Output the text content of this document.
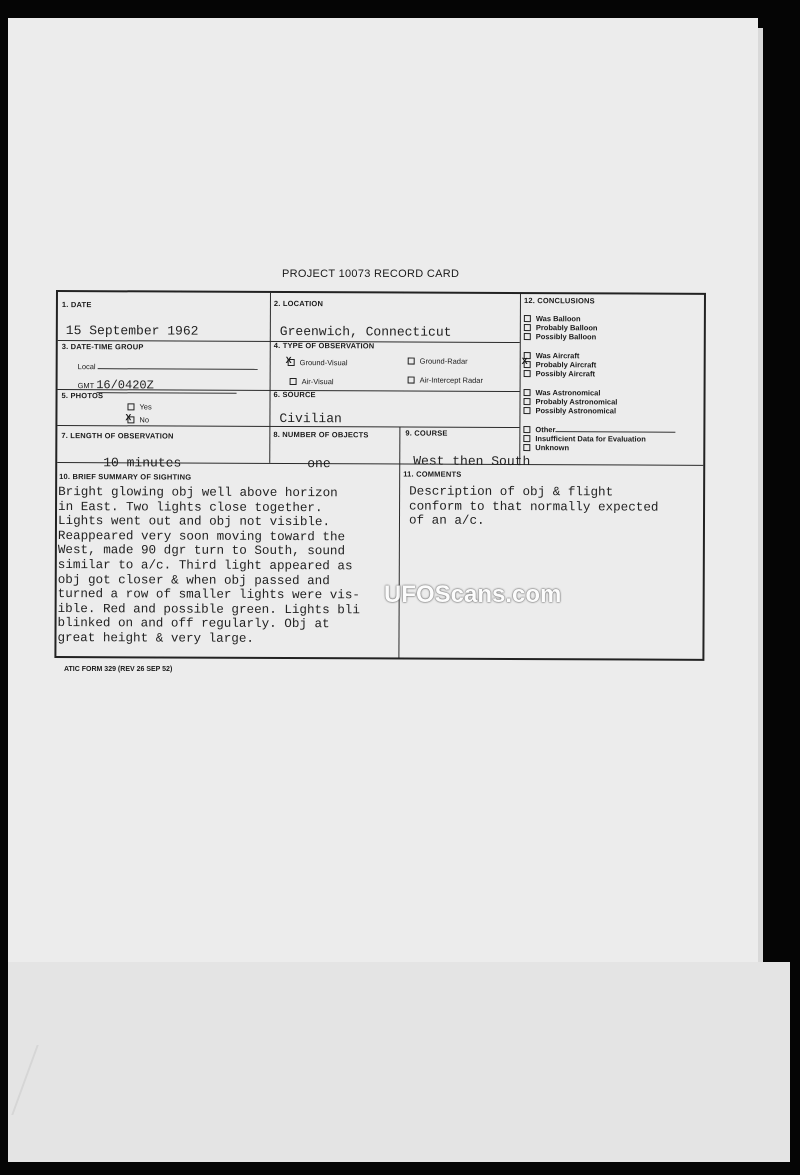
PROJECT 10073 RECORD CARD
1. DATE
15 September 1962
2. LOCATION
Greenwich, Connecticut
3. DATE-TIME GROUP
Local
GMT 16/0420Z
4. TYPE OF OBSERVATION
XGround-Visual	Ground-Radar
Air-Visual	Air-Intercept Radar
5. PHOTOS
Yes
XNo
6. SOURCE
Civilian
7. LENGTH OF OBSERVATION
10 minutes
8. NUMBER OF OBJECTS
one
9. COURSE
West then South
12. CONCLUSIONS
Was Balloon
Probably Balloon
Possibly Balloon
Was Aircraft
XProbably Aircraft
Possibly Aircraft
Was Astronomical
Probably Astronomical
Possibly Astronomical
Other
Insufficient Data for Evaluation
Unknown
10. BRIEF SUMMARY OF SIGHTING
Bright glowing obj well above horizon
in East. Two lights close together.
Lights went out and obj not visible.
Reappeared very soon moving toward the
West, made 90 dgr turn to South, sound
similar to a/c. Third light appeared as
obj got closer & when obj passed and
turned a row of smaller lights were vis-
ible. Red and possible green. Lights bli
blinked on and off regularly. Obj at
great height & very large.
11. COMMENTS
Description of obj & flight
conform to that normally expected
of an a/c.
UFOScans.com
ATIC FORM 329 (REV 26 SEP 52)
